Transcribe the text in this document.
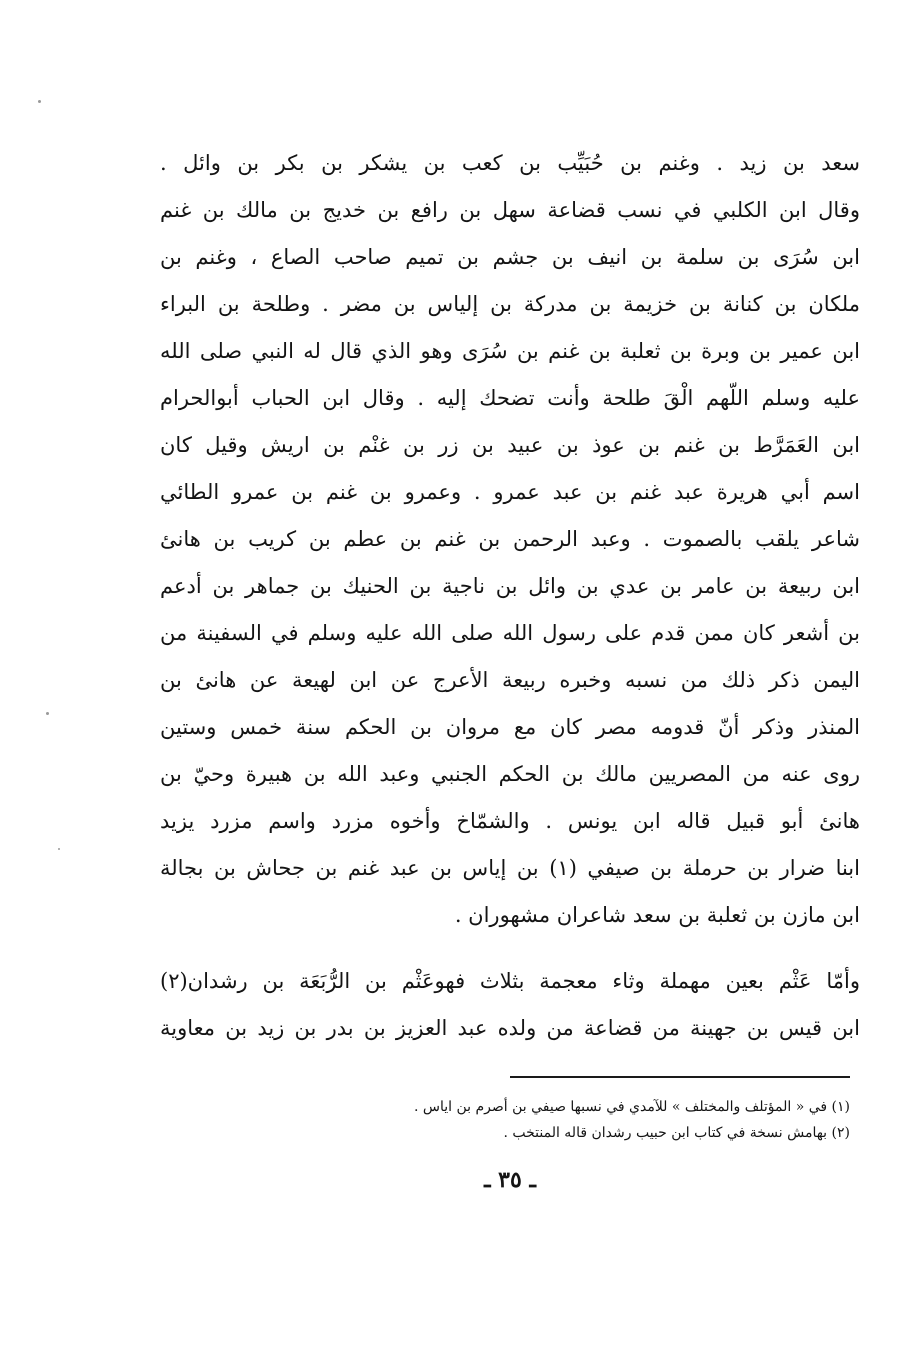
سعد بن زيد . وغنم بن حُبَيِّب بن كعب بن يشكر بن بكر بن وائل .
وقال ابن الكلبي في نسب قضاعة سهل بن رافع بن خديج بن مالك بن غنم
ابن سُرَى بن سلمة بن انيف بن جشم بن تميم صاحب الصاع ، وغنم بن
ملكان بن كنانة بن خزيمة بن مدركة بن إلياس بن مضر . وطلحة بن البراء
ابن عمير بن وبرة بن ثعلبة بن غنم بن سُرَى وهو الذي قال له النبي صلى الله
عليه وسلم اللّهم الْقَ طلحة وأنت تضحك إليه . وقال ابن الحباب أبوالحرام
ابن العَمَرَّط بن غنم بن عوذ بن عبيد بن زر بن غنْم بن اريش وقيل كان
اسم أبي هريرة عبد غنم بن عبد عمرو . وعمرو بن غنم بن عمرو الطائي
شاعر يلقب بالصموت . وعبد الرحمن بن غنم بن عطم بن كريب بن هانئ
ابن ربيعة بن عامر بن عدي بن وائل بن ناجية بن الحنيك بن جماهر بن أدعم
بن أشعر كان ممن قدم على رسول الله صلى الله عليه وسلم في السفينة من
اليمن ذكر ذلك من نسبه وخبره ربيعة الأعرج عن ابن لهيعة عن هانئ بن
المنذر وذكر أنّ قدومه مصر كان مع مروان بن الحكم سنة خمس وستين
روى عنه من المصريين مالك بن الحكم الجنبي وعبد الله بن هبيرة وحيّ بن
هانئ أبو قبيل قاله ابن يونس . والشمّاخ وأخوه مزرد واسم مزرد يزيد
ابنا ضرار بن حرملة بن صيفي (١) بن إياس بن عبد غنم بن جحاش بن بجالة
ابن مازن بن ثعلبة بن سعد شاعران مشهوران .
وأمّا عَثْم بعين مهملة وثاء معجمة بثلاث فهوعَثْم بن الرُّبَعَة بن رشدان(٢)
ابن قيس بن جهينة من قضاعة من ولده عبد العزيز بن بدر بن زيد بن معاوية
(١) في « المؤتلف والمختلف » للآمدي في نسبها صيفي بن أصرم بن اياس .
(٢) بهامش نسخة في كتاب ابن حبيب رشدان قاله المنتخب .
ـ ٣٥ ـ
